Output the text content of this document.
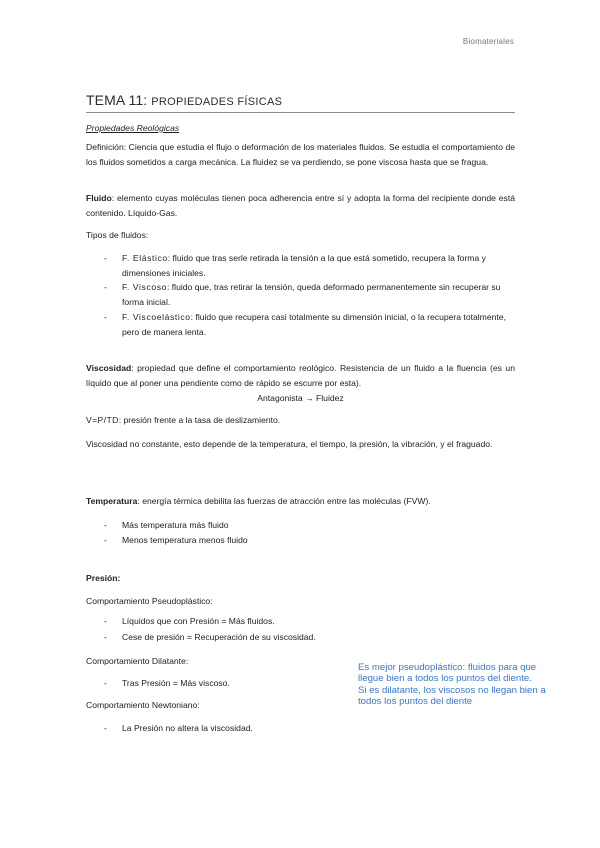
Biomateriales
TEMA 11: PROPIEDADES FÍSICAS
Propiedades Reológicas
Definición: Ciencia que estudia el flujo o deformación de los materiales fluidos. Se estudia el comportamiento de los fluidos sometidos a carga mecánica. La fluidez se va perdiendo, se pone viscosa hasta que se fragua.
Fluido: elemento cuyas moléculas tienen poca adherencia entre sí y adopta la forma del recipiente donde está contenido. Líquido-Gas.
Tipos de fluidos:
- F. Elástico: fluido que tras serle retirada la tensión a la que está sometido, recupera la forma y dimensiones iniciales.
- F. Viscoso: fluido que, tras retirar la tensión, queda deformado permanentemente sin recuperar su forma inicial.
- F. Viscoelástico: fluido que recupera casi totalmente su dimensión inicial, o la recupera totalmente, pero de manera lenta.
Viscosidad: propiedad que define el comportamiento reológico. Resistencia de un fluido a la fluencia (es un líquido que al poner una pendiente como de rápido se escurre por esta).
Antagonista → Fluidez
V=P/TD: presión frente a la tasa de deslizamiento.
Viscosidad no constante, esto depende de la temperatura, el tiempo, la presión, la vibración, y el fraguado.
Temperatura: energía térmica debilita las fuerzas de atracción entre las moléculas (FVW).
- Más temperatura más fluido
- Menos temperatura menos fluido
Presión:
Comportamiento Pseudoplástico:
- Líquidos que con Presión = Más fluidos.
- Cese de presión = Recuperación de su viscosidad.
Comportamiento Dilatante:
- Tras Presión = Más viscoso.
Comportamiento Newtoniano:
- La Presión no altera la viscosidad.
Es mejor pseudoplástico: fluidos para que
llegue bien a todos los puntos del diente.
Si es dilatante, los viscosos no llegan bien a
todos los puntos del diente
